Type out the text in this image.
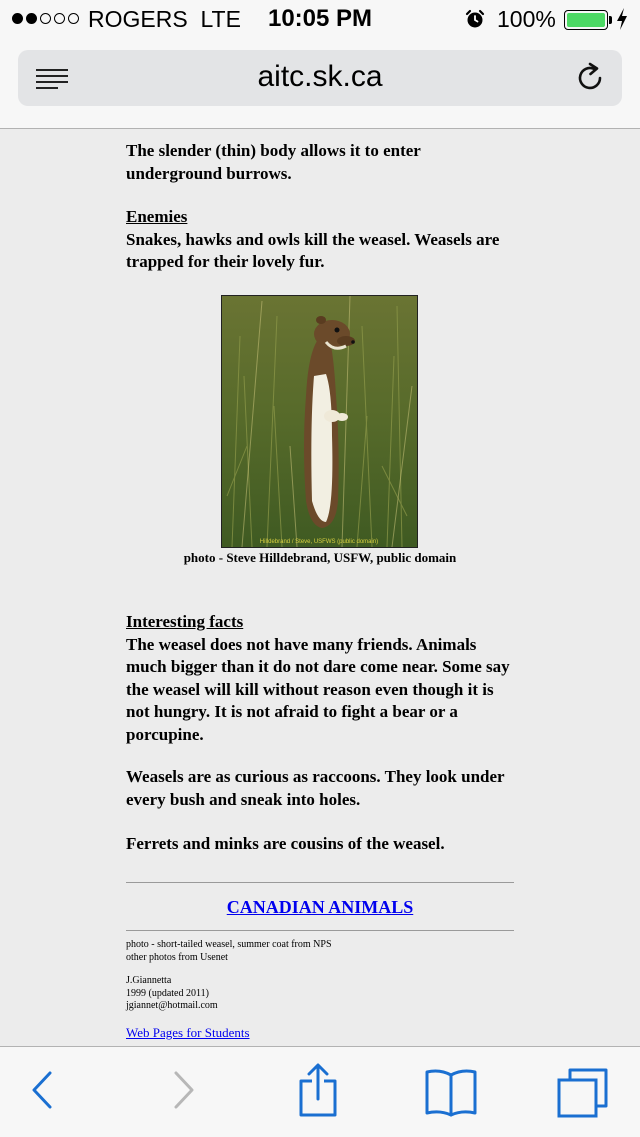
ROGERS LTE	10:05 PM	100%
aitc.sk.ca

The slender (thin) body allows it to enter underground burrows.

Enemies

Snakes, hawks and owls kill the weasel. Weasels are trapped for their lovely fur.

Hilldebrand / Steve, USFWS (public domain)
photo - Steve Hilldebrand, USFW, public domain
Interesting facts

The weasel does not have many friends. Animals much bigger than it do not dare come near. Some say the weasel will kill without reason even though it is not hungry. It is not afraid to fight a bear or a porcupine.

Weasels are as curious as raccoons. They look under every bush and sneak into holes.

Ferrets and minks are cousins of the weasel.

CANADIAN ANIMALS
photo - short-tailed weasel, summer coat from NPS
other photos from Usenet
J.Giannetta
1999 (updated 2011)
jgiannet@hotmail.com
Web Pages for Students
